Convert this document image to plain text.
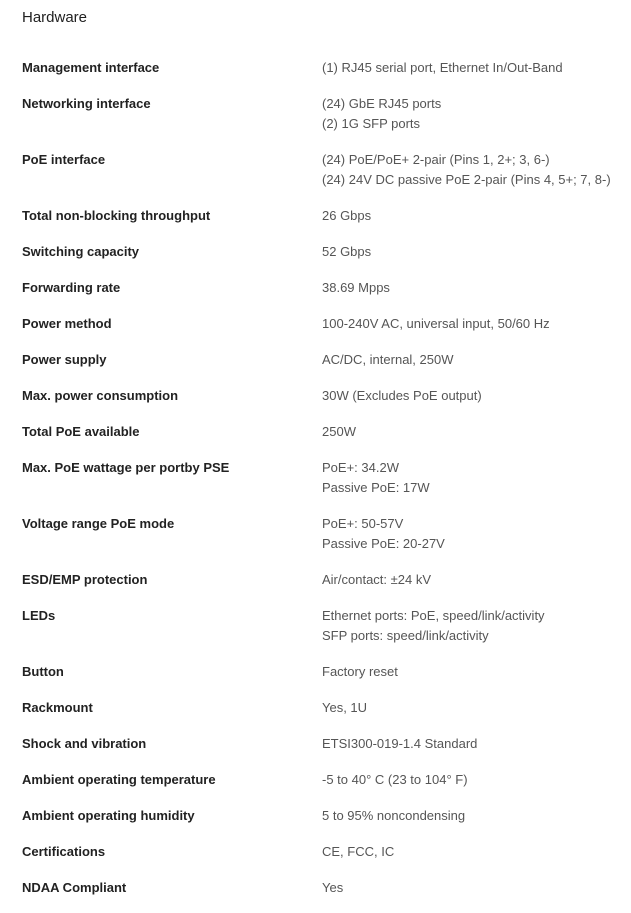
Hardware
Management interface	(1) RJ45 serial port, Ethernet In/Out-Band
Networking interface	(24) GbE RJ45 ports
(2) 1G SFP ports
PoE interface	(24) PoE/PoE+ 2-pair (Pins 1, 2+; 3, 6-)
(24) 24V DC passive PoE 2-pair (Pins 4, 5+; 7, 8-)
Total non-blocking throughput	26 Gbps
Switching capacity	52 Gbps
Forwarding rate	38.69 Mpps
Power method	100-240V AC, universal input, 50/60 Hz
Power supply	AC/DC, internal, 250W
Max. power consumption	30W (Excludes PoE output)
Total PoE available	250W
Max. PoE wattage per portby PSE	PoE+: 34.2W
Passive PoE: 17W
Voltage range PoE mode	PoE+: 50-57V
Passive PoE: 20-27V
ESD/EMP protection	Air/contact: ±24 kV
LEDs	Ethernet ports: PoE, speed/link/activity
SFP ports: speed/link/activity
Button	Factory reset
Rackmount	Yes, 1U
Shock and vibration	ETSI300-019-1.4 Standard
Ambient operating temperature	-5 to 40° C (23 to 104° F)
Ambient operating humidity	5 to 95% noncondensing
Certifications	CE, FCC, IC
NDAA Compliant	Yes
